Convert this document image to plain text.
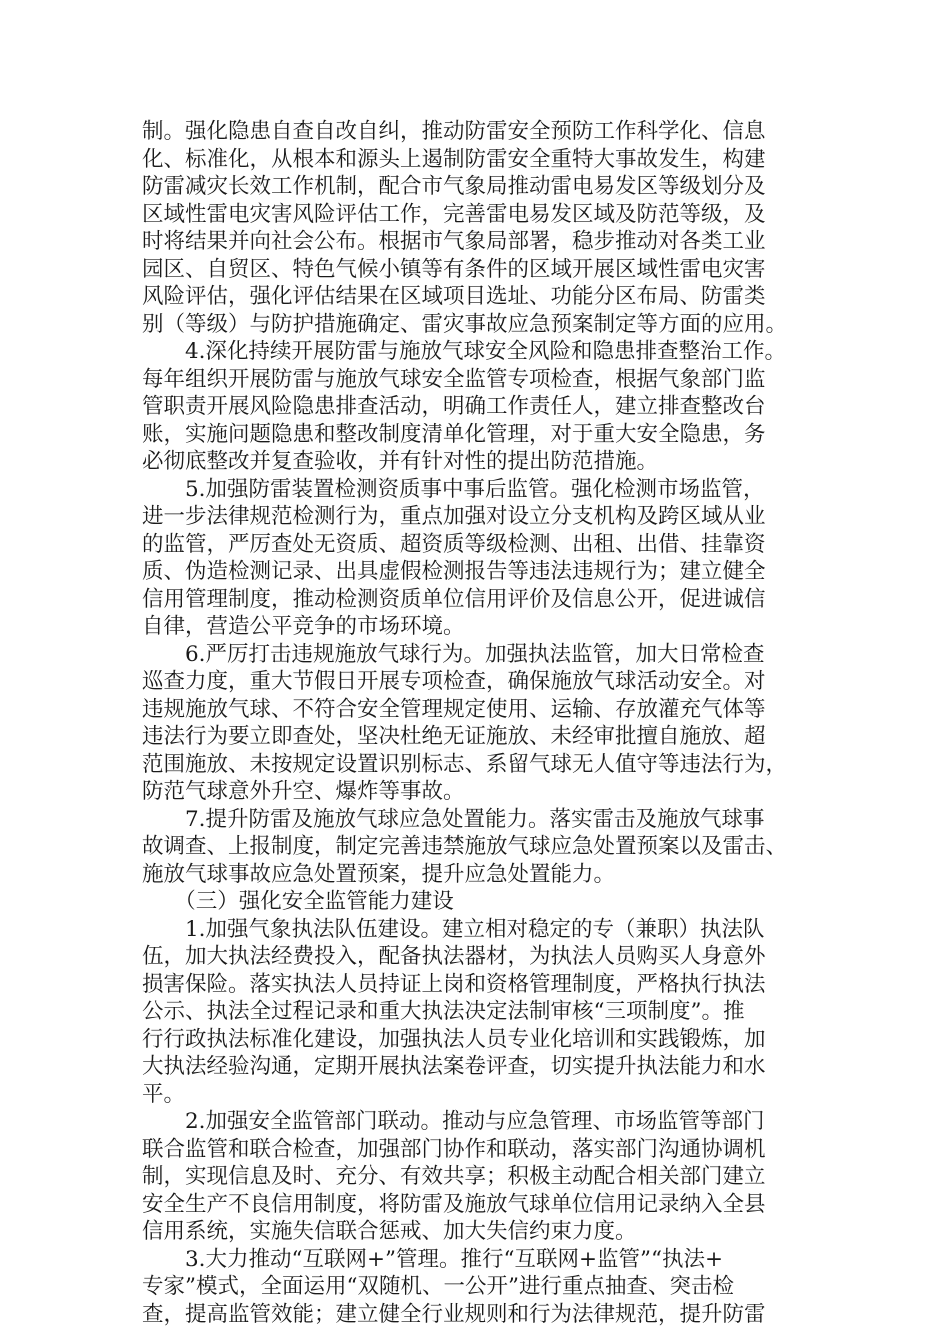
制。强化隐患自查自改自纠，推动防雷安全预防工作科学化、信息
化、标准化，从根本和源头上遏制防雷安全重特大事故发生，构建
防雷减灾长效工作机制，配合市气象局推动雷电易发区等级划分及
区域性雷电灾害风险评估工作，完善雷电易发区域及防范等级，及
时将结果并向社会公布。根据市气象局部署，稳步推动对各类工业
园区、自贸区、特色气候小镇等有条件的区域开展区域性雷电灾害
风险评估，强化评估结果在区域项目选址、功能分区布局、防雷类
别（等级）与防护措施确定、雷灾事故应急预案制定等方面的应用。
　　4.深化持续开展防雷与施放气球安全风险和隐患排查整治工作。
每年组织开展防雷与施放气球安全监管专项检查，根据气象部门监
管职责开展风险隐患排查活动，明确工作责任人，建立排查整改台
账，实施问题隐患和整改制度清单化管理，对于重大安全隐患，务
必彻底整改并复查验收，并有针对性的提出防范措施。
　　5.加强防雷装置检测资质事中事后监管。强化检测市场监管，
进一步法律规范检测行为，重点加强对设立分支机构及跨区域从业
的监管，严厉查处无资质、超资质等级检测、出租、出借、挂靠资
质、伪造检测记录、出具虚假检测报告等违法违规行为；建立健全
信用管理制度，推动检测资质单位信用评价及信息公开，促进诚信
自律，营造公平竞争的市场环境。
　　6.严厉打击违规施放气球行为。加强执法监管，加大日常检查
巡查力度，重大节假日开展专项检查，确保施放气球活动安全。对
违规施放气球、不符合安全管理规定使用、运输、存放灌充气体等
违法行为要立即查处，坚决杜绝无证施放、未经审批擅自施放、超
范围施放、未按规定设置识别标志、系留气球无人值守等违法行为，
防范气球意外升空、爆炸等事故。
　　7.提升防雷及施放气球应急处置能力。落实雷击及施放气球事
故调查、上报制度，制定完善违禁施放气球应急处置预案以及雷击、
施放气球事故应急处置预案，提升应急处置能力。
　　（三）强化安全监管能力建设
　　1.加强气象执法队伍建设。建立相对稳定的专（兼职）执法队
伍，加大执法经费投入，配备执法器材，为执法人员购买人身意外
损害保险。落实执法人员持证上岗和资格管理制度，严格执行执法
公示、执法全过程记录和重大执法决定法制审核“三项制度”。推
行行政执法标准化建设，加强执法人员专业化培训和实践锻炼，加
大执法经验沟通，定期开展执法案卷评查，切实提升执法能力和水
平。
　　2.加强安全监管部门联动。推动与应急管理、市场监管等部门
联合监管和联合检查，加强部门协作和联动，落实部门沟通协调机
制，实现信息及时、充分、有效共享；积极主动配合相关部门建立
安全生产不良信用制度，将防雷及施放气球单位信用记录纳入全县
信用系统，实施失信联合惩戒、加大失信约束力度。
　　3.大力推动“互联网+”管理。推行“互联网+监管”“执法+
专家”模式，全面运用“双随机、一公开”进行重点抽查、突击检
查，提高监管效能；建立健全行业规则和行为法律规范，提升防雷
